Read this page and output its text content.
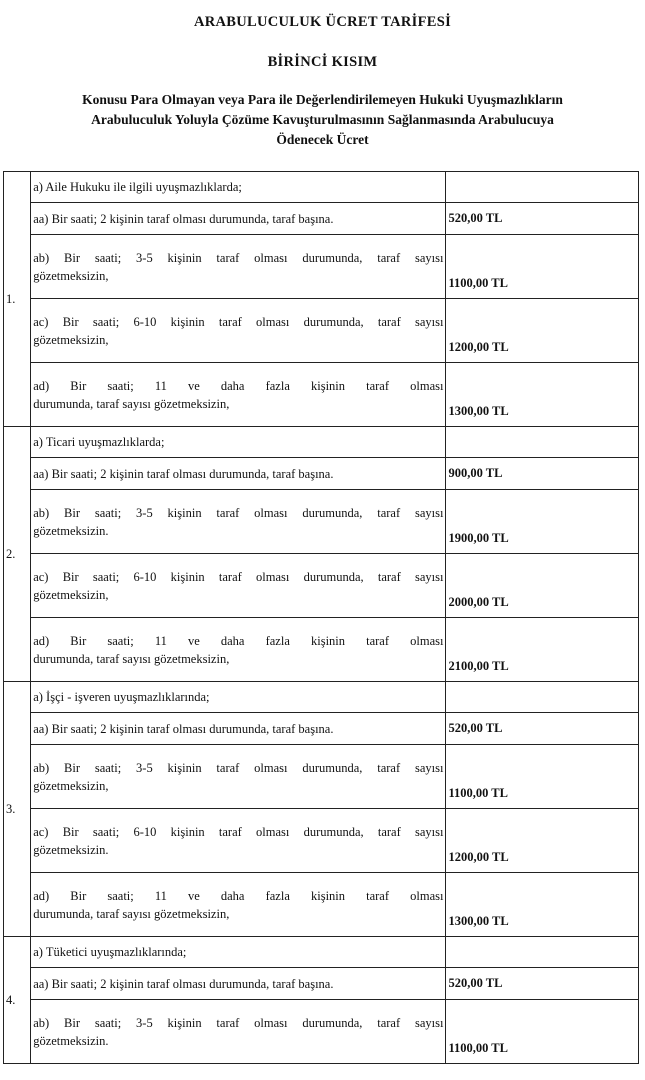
ARABULUCULUK ÜCRET TARİFESİ
BİRİNCİ KISIM
Konusu Para Olmayan veya Para ile Değerlendirilemeyen Hukuki Uyuşmazlıkların
Arabuluculuk Yoluyla Çözüme Kavuşturulmasının Sağlanmasında Arabulucuya
Ödenecek Ücret
1.	a) Aile Hukuku ile ilgili uyuşmazlıklarda;	

	aa) Bir saati; 2 kişinin taraf olması durumunda, taraf başına.	520,00 TL

	ab) Bir saati; 3-5 kişinin taraf olması durumunda, taraf sayısı
gözetmeksizin,	1100,00 TL

	ac) Bir saati; 6-10 kişinin taraf olması durumunda, taraf sayısı
gözetmeksizin,	1200,00 TL

	ad) Bir saati; 11 ve daha fazla kişinin taraf olması
durumunda, taraf sayısı gözetmeksizin,	1300,00 TL
2.	a) Ticari uyuşmazlıklarda;	

	aa) Bir saati; 2 kişinin taraf olması durumunda, taraf başına.	900,00 TL

	ab) Bir saati; 3-5 kişinin taraf olması durumunda, taraf sayısı
gözetmeksizin.	1900,00 TL

	ac) Bir saati; 6-10 kişinin taraf olması durumunda, taraf sayısı
gözetmeksizin,	2000,00 TL

	ad) Bir saati; 11 ve daha fazla kişinin taraf olması
durumunda, taraf sayısı gözetmeksizin,	2100,00 TL
3.	a) İşçi - işveren uyuşmazlıklarında;	

	aa) Bir saati; 2 kişinin taraf olması durumunda, taraf başına.	520,00 TL

	ab) Bir saati; 3-5 kişinin taraf olması durumunda, taraf sayısı
gözetmeksizin,	1100,00 TL

	ac) Bir saati; 6-10 kişinin taraf olması durumunda, taraf sayısı
gözetmeksizin.	1200,00 TL

	ad) Bir saati; 11 ve daha fazla kişinin taraf olması
durumunda, taraf sayısı gözetmeksizin,	1300,00 TL
4.	a) Tüketici uyuşmazlıklarında;	

	aa) Bir saati; 2 kişinin taraf olması durumunda, taraf başına.	520,00 TL

	ab) Bir saati; 3-5 kişinin taraf olması durumunda, taraf sayısı
gözetmeksizin.	1100,00 TL
